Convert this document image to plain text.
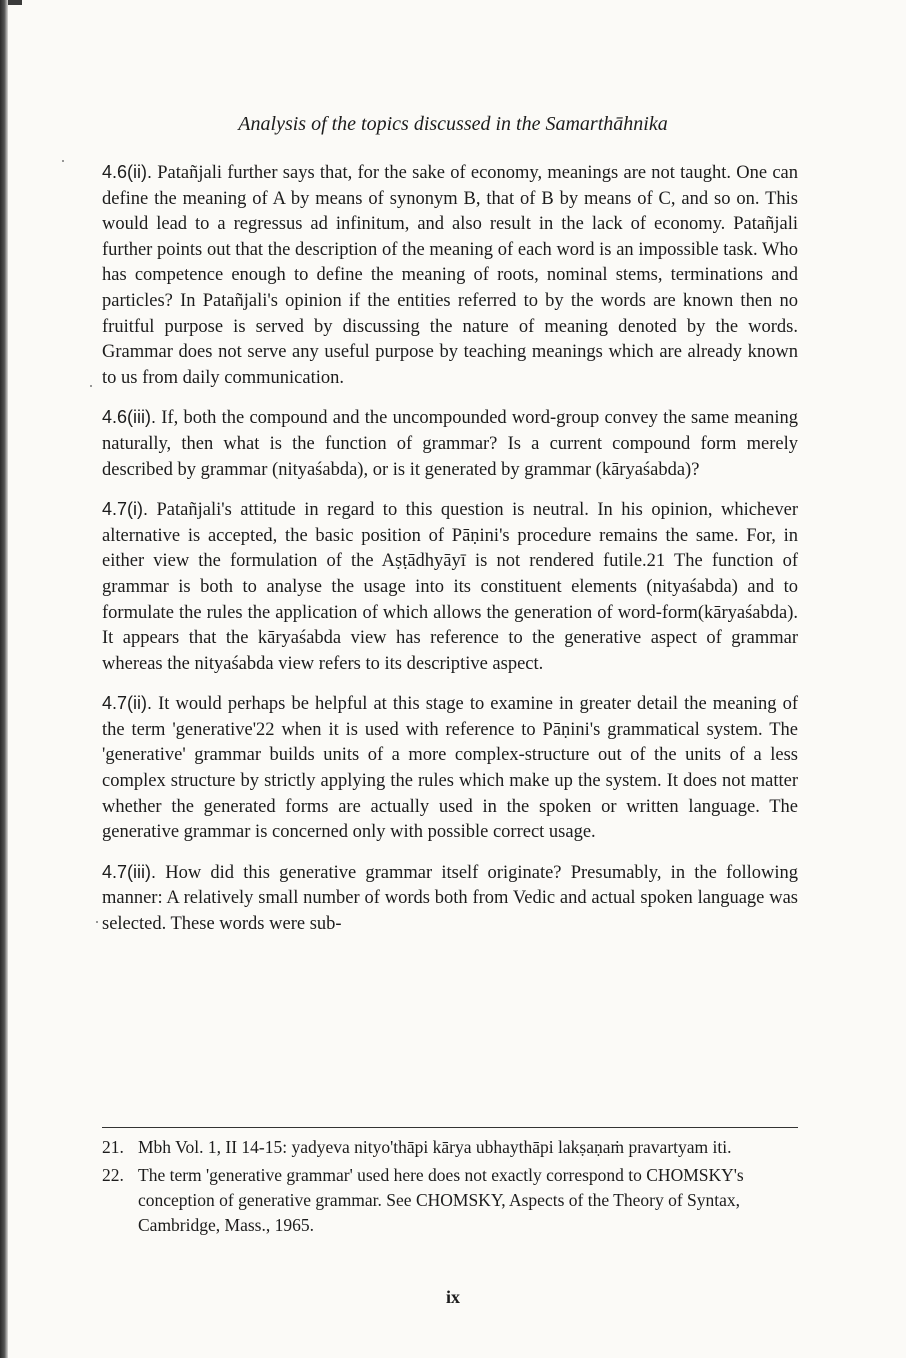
Analysis of the topics discussed in the Samarthāhnika

4.6(ii). Patañjali further says that, for the sake of economy, meanings are not taught. One can define the meaning of A by means of synonym B, that of B by means of C, and so on. This would lead to a regressus ad infinitum, and also result in the lack of economy. Patañjali further points out that the description of the meaning of each word is an impossible task. Who has competence enough to define the meaning of roots, nominal stems, terminations and particles? In Patañjali's opinion if the entities referred to by the words are known then no fruitful purpose is served by discussing the nature of meaning denoted by the words. Grammar does not serve any useful purpose by teaching meanings which are already known to us from daily communication.

4.6(iii). If, both the compound and the uncompounded word-group convey the same meaning naturally, then what is the function of grammar? Is a current compound form merely described by grammar (nityaśabda), or is it generated by grammar (kāryaśabda)?

4.7(i). Patañjali's attitude in regard to this question is neutral. In his opinion, whichever alternative is accepted, the basic position of Pāṇini's procedure remains the same. For, in either view the formulation of the Aṣṭādhyāyī is not rendered futile.21 The function of grammar is both to analyse the usage into its constituent elements (nityaśabda) and to formulate the rules the application of which allows the generation of word-form(kāryaśabda). It appears that the kāryaśabda view has reference to the generative aspect of grammar whereas the nityaśabda view refers to its descriptive aspect.

4.7(ii). It would perhaps be helpful at this stage to examine in greater detail the meaning of the term 'generative'22 when it is used with reference to Pāṇini's grammatical system. The 'generative' grammar builds units of a more complex-structure out of the units of a less complex structure by strictly applying the rules which make up the system. It does not matter whether the generated forms are actually used in the spoken or written language. The generative grammar is concerned only with possible correct usage.

4.7(iii). How did this generative grammar itself originate? Presumably, in the following manner: A relatively small number of words both from Vedic and actual spoken language was selected. These words were sub-

21. Mbh Vol. 1, II 14-15: yadyeva nityo'thāpi kārya ubhaythāpi lakṣaṇaṁ pravartyam iti.
22. The term 'generative grammar' used here does not exactly correspond to CHOMSKY's conception of generative grammar. See CHOMSKY, Aspects of the Theory of Syntax, Cambridge, Mass., 1965.
ix
